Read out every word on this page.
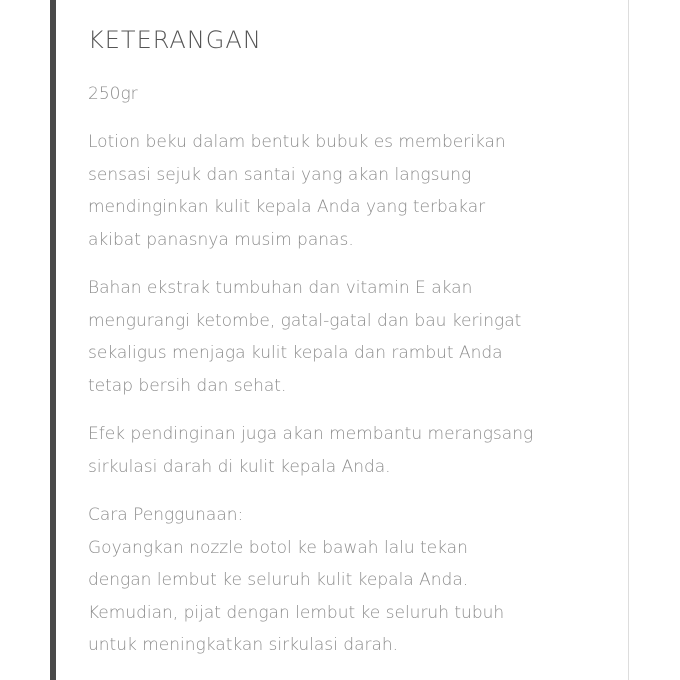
KETERANGAN
250gr
Lotion beku dalam bentuk bubuk es memberikan
sensasi sejuk dan santai yang akan langsung
mendinginkan kulit kepala Anda yang terbakar
akibat panasnya musim panas.
Bahan ekstrak tumbuhan dan vitamin E akan
mengurangi ketombe, gatal-gatal dan bau keringat
sekaligus menjaga kulit kepala dan rambut Anda
tetap bersih dan sehat.
Efek pendinginan juga akan membantu merangsang
sirkulasi darah di kulit kepala Anda.
Cara Penggunaan:
Goyangkan nozzle botol ke bawah lalu tekan
dengan lembut ke seluruh kulit kepala Anda.
Kemudian, pijat dengan lembut ke seluruh tubuh
untuk meningkatkan sirkulasi darah.
